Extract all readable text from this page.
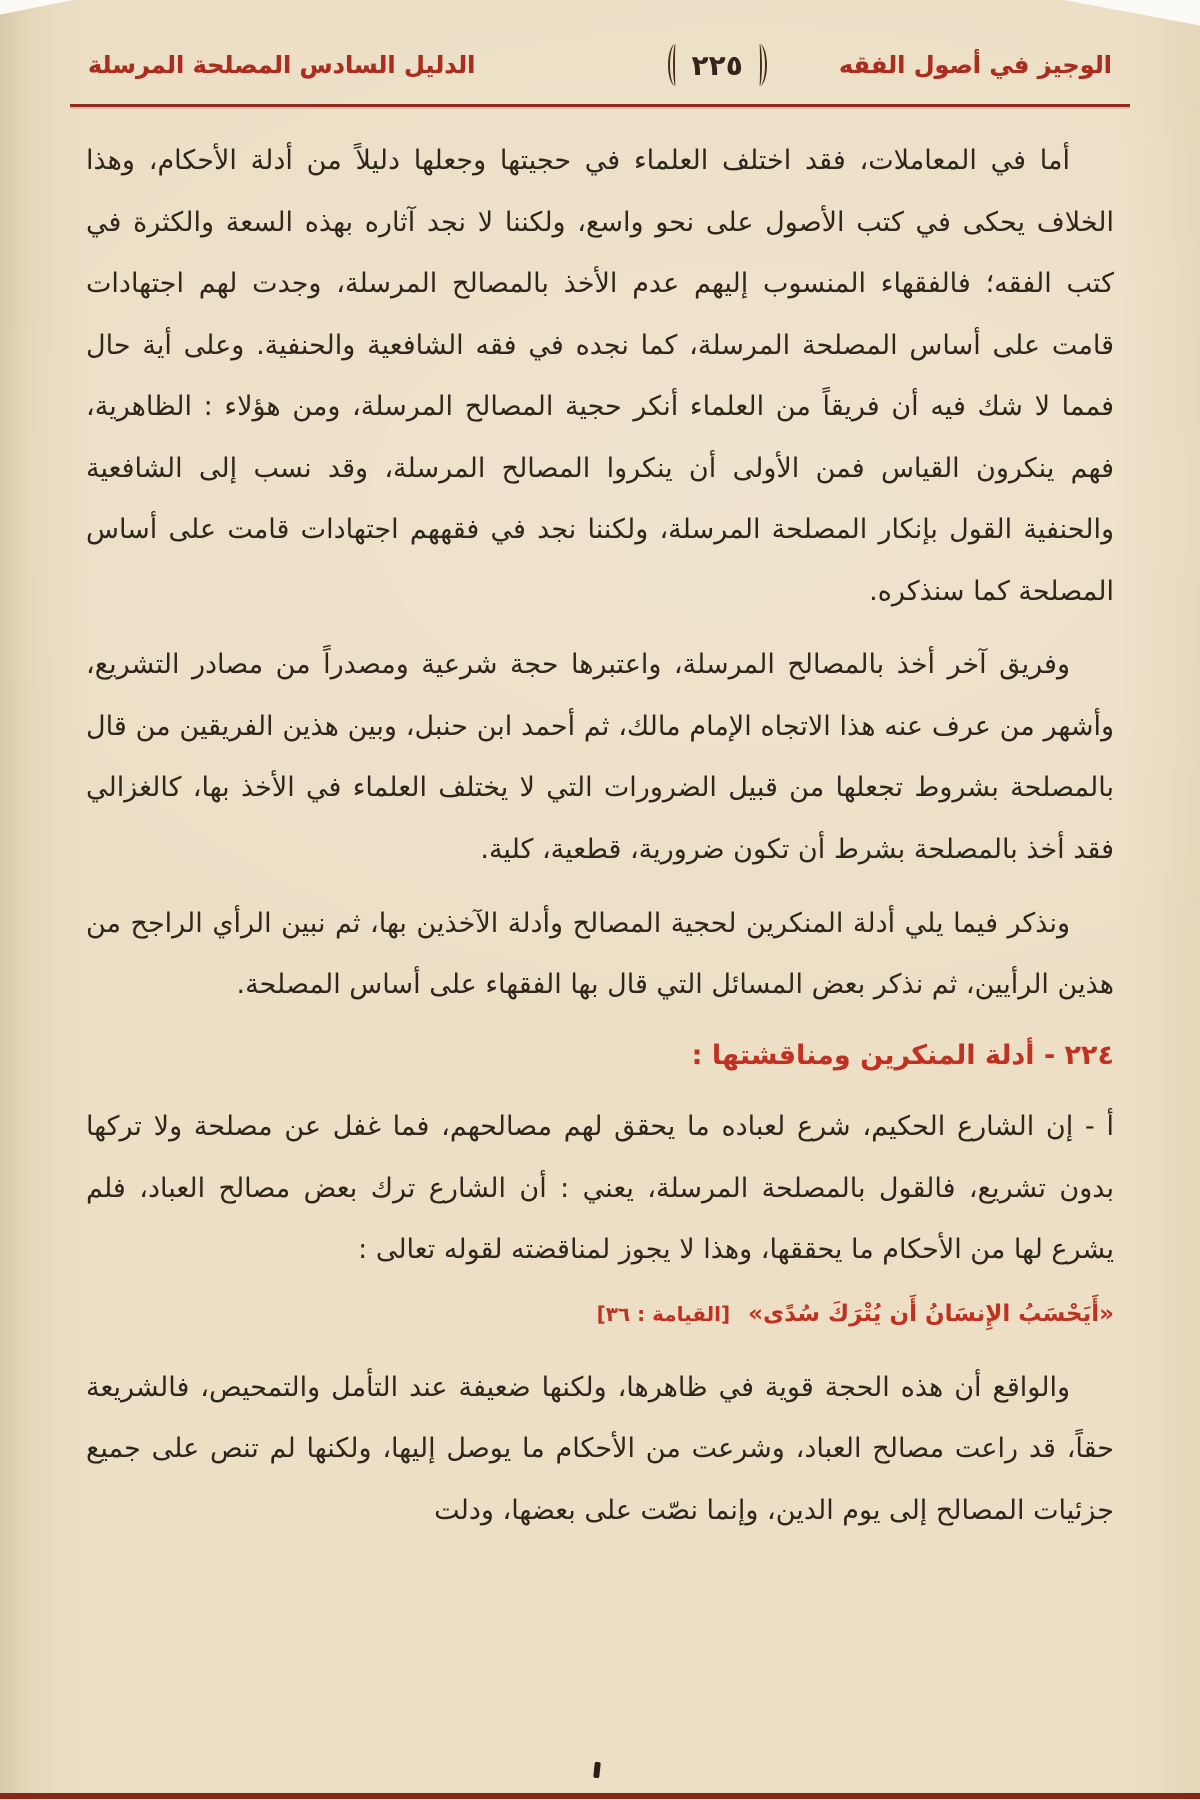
الوجيز في أصول الفقه
٢٢٥
الدليل السادس المصلحة المرسلة

أما في المعاملات، فقد اختلف العلماء في حجيتها وجعلها دليلاً من أدلة الأحكام، وهذا الخلاف يحكى في كتب الأصول على نحو واسع، ولكننا لا نجد آثاره بهذه السعة والكثرة في كتب الفقه؛ فالفقهاء المنسوب إليهم عدم الأخذ بالمصالح المرسلة، وجدت لهم اجتهادات قامت على أساس المصلحة المرسلة، كما نجده في فقه الشافعية والحنفية. وعلى أية حال فمما لا شك فيه أن فريقاً من العلماء أنكر حجية المصالح المرسلة، ومن هؤلاء : الظاهرية، فهم ينكرون القياس فمن الأولى أن ينكروا المصالح المرسلة، وقد نسب إلى الشافعية والحنفية القول بإنكار المصلحة المرسلة، ولكننا نجد في فقههم اجتهادات قامت على أساس المصلحة كما سنذكره.

وفريق آخر أخذ بالمصالح المرسلة، واعتبرها حجة شرعية ومصدراً من مصادر التشريع، وأشهر من عرف عنه هذا الاتجاه الإمام مالك، ثم أحمد ابن حنبل، وبين هذين الفريقين من قال بالمصلحة بشروط تجعلها من قبيل الضرورات التي لا يختلف العلماء في الأخذ بها، كالغزالي فقد أخذ بالمصلحة بشرط أن تكون ضرورية، قطعية، كلية.

ونذكر فيما يلي أدلة المنكرين لحجية المصالح وأدلة الآخذين بها، ثم نبين الرأي الراجح من هذين الرأيين، ثم نذكر بعض المسائل التي قال بها الفقهاء على أساس المصلحة.

٢٢٤ - أدلة المنكرين ومناقشتها :

أ - إن الشارع الحكيم، شرع لعباده ما يحقق لهم مصالحهم، فما غفل عن مصلحة ولا تركها بدون تشريع، فالقول بالمصلحة المرسلة، يعني : أن الشارع ترك بعض مصالح العباد، فلم يشرع لها من الأحكام ما يحققها، وهذا لا يجوز لمناقضته لقوله تعالى :

«أَيَحْسَبُ الإِنسَانُ أَن يُتْرَكَ سُدًى» [القيامة : ٣٦]

والواقع أن هذه الحجة قوية في ظاهرها، ولكنها ضعيفة عند التأمل والتمحيص، فالشريعة حقاً، قد راعت مصالح العباد، وشرعت من الأحكام ما يوصل إليها، ولكنها لم تنص على جميع جزئيات المصالح إلى يوم الدين، وإنما نصّت على بعضها، ودلت
